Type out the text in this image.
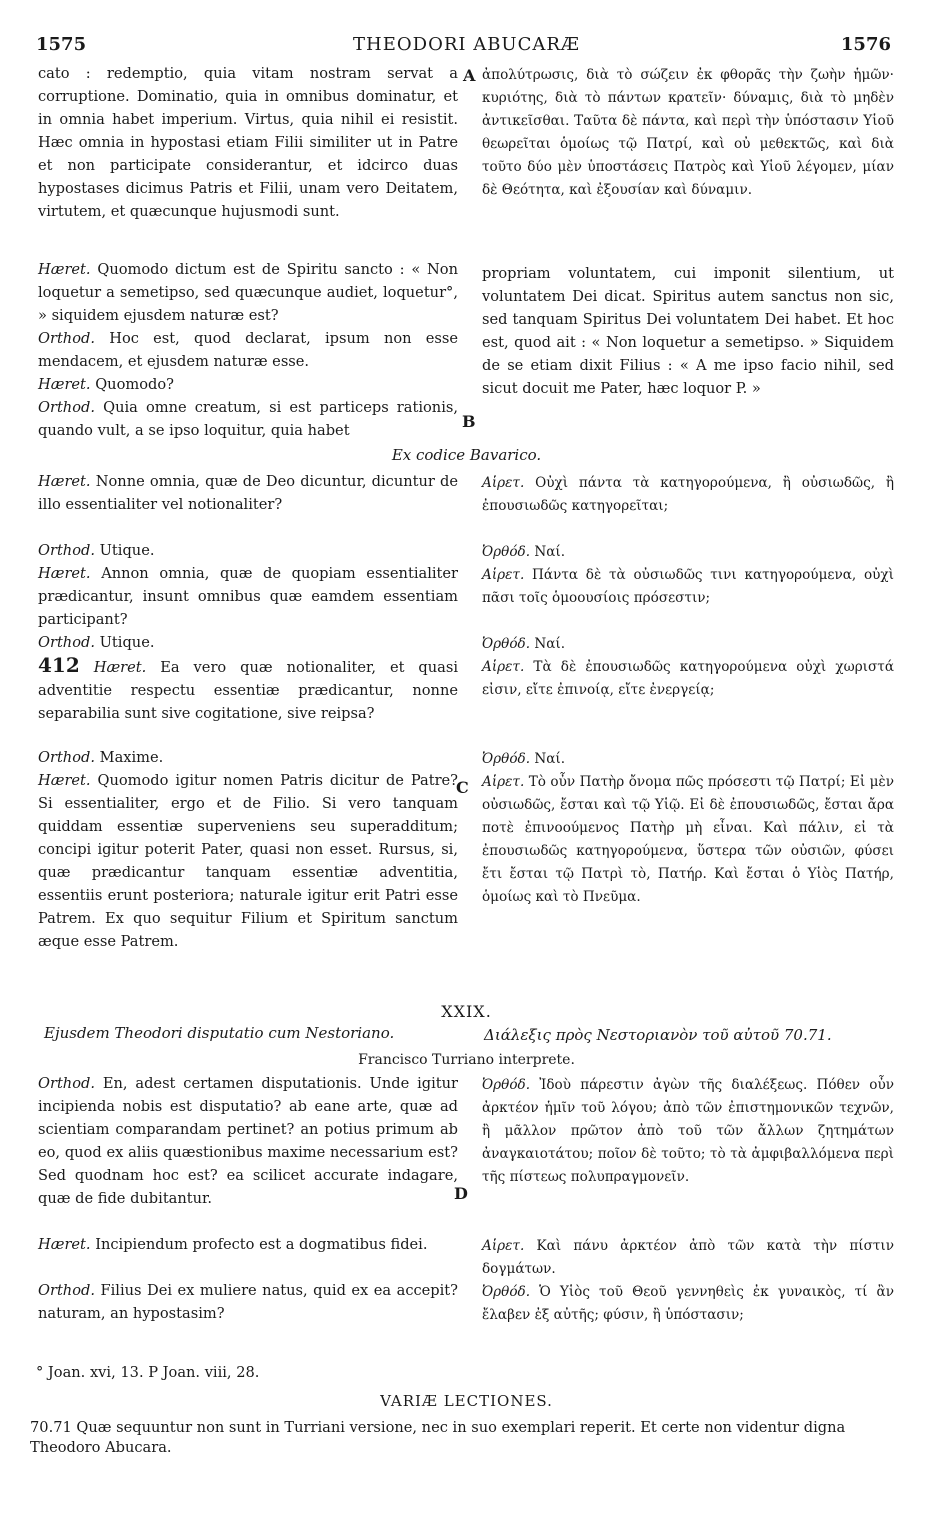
1575	THEODORI ABUCARÆ	1576
A
B
C
D

cato : redemptio, quia vitam nostram servat a corruptione. Dominatio, quia in omnibus dominatur, et in omnia habet imperium. Virtus, quia nihil ei resistit. Hæc omnia in hypostasi etiam Filii similiter ut in Patre et non participate considerantur, et idcirco duas hypostases dicimus Patris et Filii, unam vero Deitatem, virtutem, et quæcunque hujusmodi sunt.

ἀπολύτρωσις, διὰ τὸ σώζειν ἐκ φθορᾶς τὴν ζωὴν ἡμῶν· κυριότης, διὰ τὸ πάντων κρατεῖν· δύναμις, διὰ τὸ μηδὲν ἀντικεῖσθαι. Ταῦτα δὲ πάντα, καὶ περὶ τὴν ὑπόστασιν Υἱοῦ θεωρεῖται ὁμοίως τῷ Πατρί, καὶ οὐ μεθεκτῶς, καὶ διὰ τοῦτο δύο μὲν ὑποστάσεις Πατρὸς καὶ Υἱοῦ λέγομεν, μίαν δὲ Θεότητα, καὶ ἐξουσίαν καὶ δύναμιν.

Hæret. Quomodo dictum est de Spiritu sancto : « Non loquetur a semetipso, sed quæcunque audiet, loquetur°, » siquidem ejusdem naturæ est?

Orthod. Hoc est, quod declarat, ipsum non esse mendacem, et ejusdem naturæ esse.

Hæret. Quomodo?

Orthod. Quia omne creatum, si est particeps rationis, quando vult, a se ipso loquitur, quia habet

propriam voluntatem, cui imponit silentium, ut voluntatem Dei dicat. Spiritus autem sanctus non sic, sed tanquam Spiritus Dei voluntatem Dei habet. Et hoc est, quod ait : « Non loquetur a semetipso. » Siquidem de se etiam dixit Filius : « A me ipso facio nihil, sed sicut docuit me Pater, hæc loquor P. »

Ex codice Bavarico.

Hæret. Nonne omnia, quæ de Deo dicuntur, dicuntur de illo essentialiter vel notionaliter?

Orthod. Utique.

Hæret. Annon omnia, quæ de quopiam essentialiter prædicantur, insunt omnibus quæ eamdem essentiam participant?

Orthod. Utique.

412 Hæret. Ea vero quæ notionaliter, et quasi adventitie respectu essentiæ prædicantur, nonne separabilia sunt sive cogitatione, sive reipsa?

Orthod. Maxime.

Hæret. Quomodo igitur nomen Patris dicitur de Patre? Si essentialiter, ergo et de Filio. Si vero tanquam quiddam essentiæ superveniens seu superadditum; concipi igitur poterit Pater, quasi non esset. Rursus, si, quæ prædicantur tanquam essentiæ adventitia, essentiis erunt posteriora; naturale igitur erit Patri esse Patrem. Ex quo sequitur Filium et Spiritum sanctum æque esse Patrem.

Αἱρετ. Οὐχὶ πάντα τὰ κατηγορούμενα, ἢ οὐσιωδῶς, ἢ ἐπουσιωδῶς κατηγορεῖται;

Ὀρθόδ. Ναί.

Αἱρετ. Πάντα δὲ τὰ οὐσιωδῶς τινι κατηγορούμενα, οὐχὶ πᾶσι τοῖς ὁμοουσίοις πρόσεστιν;

Ὀρθόδ. Ναί.

Αἱρετ. Τὰ δὲ ἐπουσιωδῶς κατηγορούμενα οὐχὶ χωριστά εἰσιν, εἴτε ἐπινοίᾳ, εἴτε ἐνεργείᾳ;

Ὀρθόδ. Ναί.

Αἱρετ. Τὸ οὖν Πατὴρ ὄνομα πῶς πρόσεστι τῷ Πατρί; Εἰ μὲν οὐσιωδῶς, ἔσται καὶ τῷ Υἱῷ. Εἰ δὲ ἐπουσιωδῶς, ἔσται ἄρα ποτὲ ἐπινοούμενος Πατὴρ μὴ εἶναι. Καὶ πάλιν, εἰ τὰ ἐπουσιωδῶς κατηγορούμενα, ὕστερα τῶν οὐσιῶν, φύσει ἔτι ἔσται τῷ Πατρὶ τὸ, Πατήρ. Καὶ ἔσται ὁ Υἱὸς Πατήρ, ὁμοίως καὶ τὸ Πνεῦμα.

XXIX.
Ejusdem Theodori disputatio cum Nestoriano.	Διάλεξις πρὸς Νεστοριανὸν τοῦ αὐτοῦ 70.71.
Francisco Turriano interprete.

Orthod. En, adest certamen disputationis. Unde igitur incipienda nobis est disputatio? ab eane arte, quæ ad scientiam comparandam pertinet? an potius primum ab eo, quod ex aliis quæstionibus maxime necessarium est? Sed quodnam hoc est? ea scilicet accurate indagare, quæ de fide dubitantur.

Hæret. Incipiendum profecto est a dogmatibus fidei.

Orthod. Filius Dei ex muliere natus, quid ex ea accepit? naturam, an hypostasim?

Ὀρθόδ. Ἰδοὺ πάρεστιν ἀγὼν τῆς διαλέξεως. Πόθεν οὖν ἀρκτέον ἡμῖν τοῦ λόγου; ἀπὸ τῶν ἐπιστημονικῶν τεχνῶν, ἢ μᾶλλον πρῶτον ἀπὸ τοῦ τῶν ἄλλων ζητημάτων ἀναγκαιοτάτου; ποῖον δὲ τοῦτο; τὸ τὰ ἀμφιβαλλόμενα περὶ τῆς πίστεως πολυπραγμονεῖν.

Αἱρετ. Καὶ πάνυ ἀρκτέον ἀπὸ τῶν κατὰ τὴν πίστιν δογμάτων.

Ὀρθόδ. Ὁ Υἱὸς τοῦ Θεοῦ γεννηθεὶς ἐκ γυναικὸς, τί ἂν ἔλαβεν ἐξ αὐτῆς; φύσιν, ἢ ὑπόστασιν;

° Joan. xvi, 13. P Joan. viii, 28.
VARIÆ LECTIONES.
70.71 Quæ sequuntur non sunt in Turriani versione, nec in suo exemplari reperit. Et certe non videntur digna Theodoro Abucara.
